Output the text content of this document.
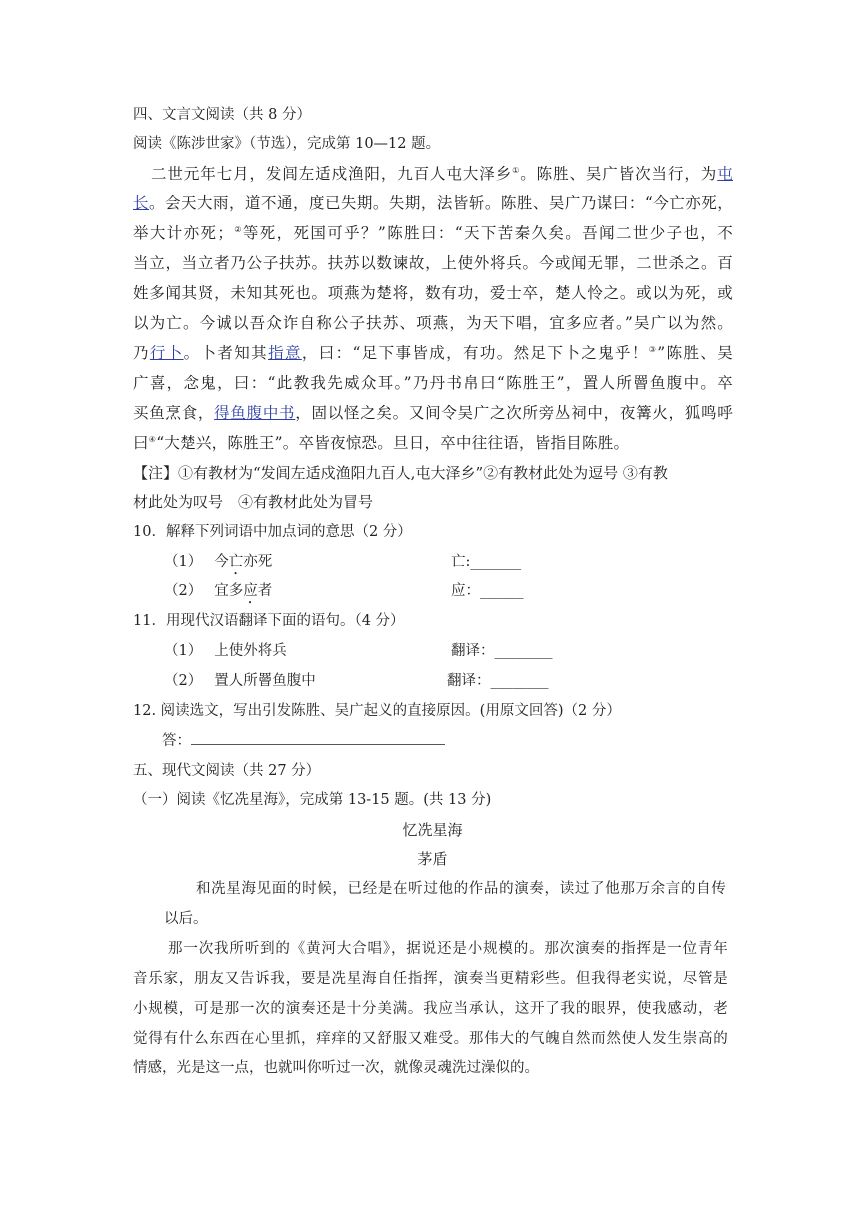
四、文言文阅读（共 8 分）
阅读《陈涉世家》（节选），完成第 10—12 题。
二世元年七月，发闾左适戍渔阳，九百人屯大泽乡①。陈胜、吴广皆次当行，为屯
长。会天大雨，道不通，度已失期。失期，法皆斩。陈胜、吴广乃谋曰：“今亡亦死，
举大计亦死；②等死，死国可乎？”陈胜曰：“天下苦秦久矣。吾闻二世少子也，不
当立，当立者乃公子扶苏。扶苏以数谏故，上使外将兵。今或闻无罪，二世杀之。百
姓多闻其贤，未知其死也。项燕为楚将，数有功，爱士卒，楚人怜之。或以为死，或
以为亡。今诚以吾众诈自称公子扶苏、项燕，为天下唱，宜多应者。”吴广以为然。
乃行卜。卜者知其指意，曰：“足下事皆成，有功。然足下卜之鬼乎！③”陈胜、吴
广喜，念鬼，曰：“此教我先威众耳。”乃丹书帛曰“陈胜王”，置人所罾鱼腹中。卒
买鱼烹食，得鱼腹中书，固以怪之矣。又间令吴广之次所旁丛祠中，夜篝火，狐鸣呼
曰④“大楚兴，陈胜王”。卒皆夜惊恐。旦日，卒中往往语，皆指目陈胜。
【注】①有教材为“发闾左适戍渔阳九百人,屯大泽乡”②有教材此处为逗号 ③有教
材此处为叹号　④有教材此处为冒号
10．解释下列词语中加点词的意思（2 分）
（1） 今亡亦死	亡:_______
（2） 宜多应者	应：______
11．用现代汉语翻译下面的语句。（4 分）
（1） 上使外将兵	翻译：________
（2） 置人所罾鱼腹中	翻译：________
12. 阅读选文，写出引发陈胜、吴广起义的直接原因。(用原文回答)（2 分）
答：
五、现代文阅读（共 27 分）
（一）阅读《忆冼星海》，完成第 13-15 题。(共 13 分)
忆冼星海
茅盾
和冼星海见面的时候，已经是在听过他的作品的演奏，读过了他那万余言的自传
以后。
那一次我所听到的《黄河大合唱》，据说还是小规模的。那次演奏的指挥是一位青年
音乐家，朋友又告诉我，要是冼星海自任指挥，演奏当更精彩些。但我得老实说，尽管是
小规模，可是那一次的演奏还是十分美满。我应当承认，这开了我的眼界，使我感动，老
觉得有什么东西在心里抓，痒痒的又舒服又难受。那伟大的气魄自然而然使人发生崇高的
情感，光是这一点，也就叫你听过一次，就像灵魂洗过澡似的。
